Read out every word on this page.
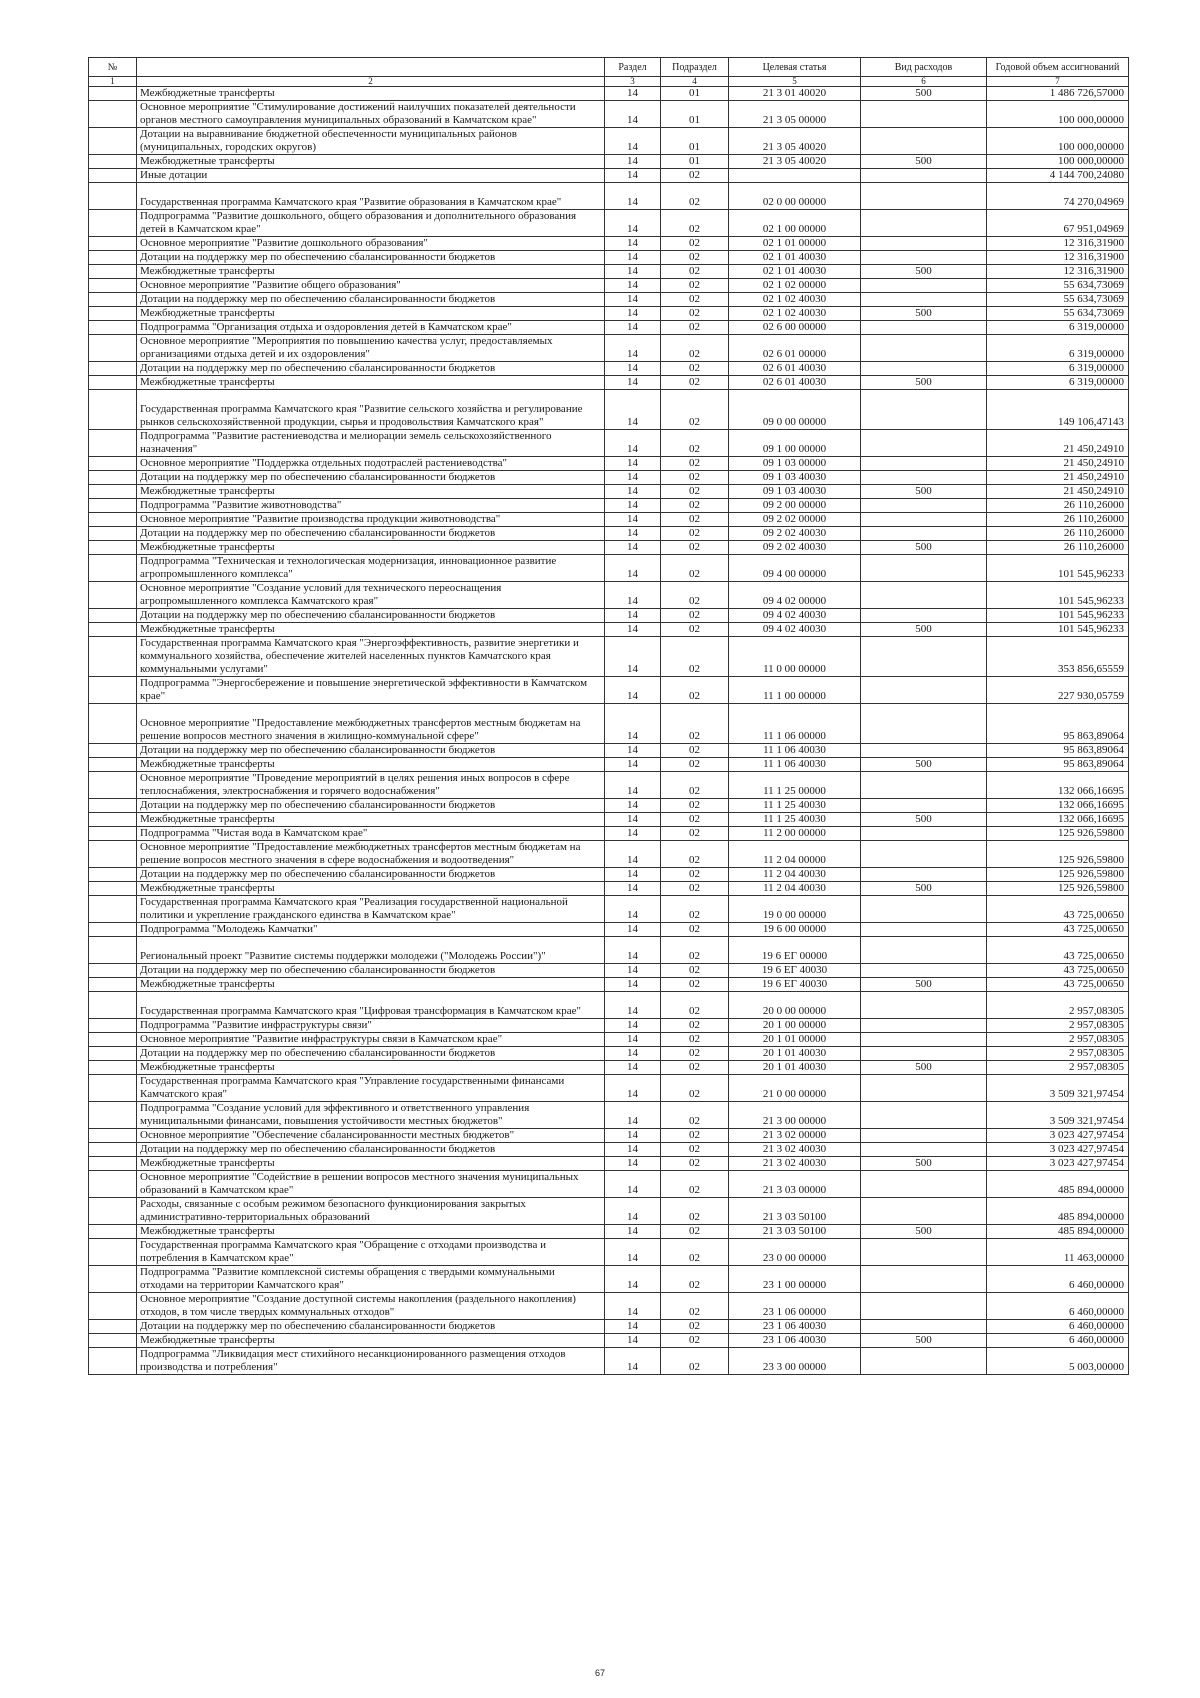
№		Раздел	Подраздел	Целевая статья	Вид расходов	Годовой объем ассигнований
1	2	3	4	5	6	7
	Межбюджетные трансферты	14	01	21 3 01 40020	500	1 486 726,57000
	Основное мероприятие "Стимулирование достижений наилучших показателей деятельности органов местного самоуправления муниципальных образований в Камчатском крае"	14	01	21 3 05 00000		100 000,00000
	Дотации на выравнивание бюджетной обеспеченности муниципальных районов (муниципальных, городских округов)	14	01	21 3 05 40020		100 000,00000
	Межбюджетные трансферты	14	01	21 3 05 40020	500	100 000,00000
	Иные дотации	14	02			4 144 700,24080
	Государственная программа Камчатского края "Развитие образования в Камчатском крае"	14	02	02 0 00 00000		74 270,04969
	Подпрограмма "Развитие дошкольного, общего образования и дополнительного образования детей в Камчатском крае"	14	02	02 1 00 00000		67 951,04969
	Основное мероприятие "Развитие дошкольного образования"	14	02	02 1 01 00000		12 316,31900
	Дотации на поддержку мер по обеспечению сбалансированности бюджетов	14	02	02 1 01 40030		12 316,31900
	Межбюджетные трансферты	14	02	02 1 01 40030	500	12 316,31900
	Основное мероприятие "Развитие общего образования"	14	02	02 1 02 00000		55 634,73069
	Дотации на поддержку мер по обеспечению сбалансированности бюджетов	14	02	02 1 02 40030		55 634,73069
	Межбюджетные трансферты	14	02	02 1 02 40030	500	55 634,73069
	Подпрограмма "Организация отдыха и оздоровления детей в Камчатском крае"	14	02	02 6 00 00000		6 319,00000
	Основное мероприятие "Мероприятия по повышению качества услуг, предоставляемых организациями отдыха детей и их оздоровления"	14	02	02 6 01 00000		6 319,00000
	Дотации на поддержку мер по обеспечению сбалансированности бюджетов	14	02	02 6 01 40030		6 319,00000
	Межбюджетные трансферты	14	02	02 6 01 40030	500	6 319,00000
	Государственная программа Камчатского края "Развитие сельского хозяйства и регулирование рынков сельскохозяйственной продукции, сырья и продовольствия Камчатского края"	14	02	09 0 00 00000		149 106,47143
	Подпрограмма "Развитие растениеводства и мелиорации земель сельскохозяйственного назначения"	14	02	09 1 00 00000		21 450,24910
	Основное мероприятие "Поддержка отдельных подотраслей растениеводства"	14	02	09 1 03 00000		21 450,24910
	Дотации на поддержку мер по обеспечению сбалансированности бюджетов	14	02	09 1 03 40030		21 450,24910
	Межбюджетные трансферты	14	02	09 1 03 40030	500	21 450,24910
	Подпрограмма "Развитие животноводства"	14	02	09 2 00 00000		26 110,26000
	Основное мероприятие "Развитие производства продукции животноводства"	14	02	09 2 02 00000		26 110,26000
	Дотации на поддержку мер по обеспечению сбалансированности бюджетов	14	02	09 2 02 40030		26 110,26000
	Межбюджетные трансферты	14	02	09 2 02 40030	500	26 110,26000
	Подпрограмма "Техническая и технологическая модернизация, инновационное развитие агропромышленного комплекса"	14	02	09 4 00 00000		101 545,96233
	Основное мероприятие "Создание условий для технического переоснащения агропромышленного комплекса Камчатского края"	14	02	09 4 02 00000		101 545,96233
	Дотации на поддержку мер по обеспечению сбалансированности бюджетов	14	02	09 4 02 40030		101 545,96233
	Межбюджетные трансферты	14	02	09 4 02 40030	500	101 545,96233
	Государственная программа Камчатского края "Энергоэффективность, развитие энергетики и коммунального хозяйства, обеспечение жителей населенных пунктов Камчатского края коммунальными услугами"	14	02	11 0 00 00000		353 856,65559
	Подпрограмма "Энергосбережение и повышение энергетической эффективности в Камчатском крае"	14	02	11 1 00 00000		227 930,05759
	Основное мероприятие "Предоставление межбюджетных трансфертов местным бюджетам на решение вопросов местного значения в жилищно-коммунальной сфере"	14	02	11 1 06 00000		95 863,89064
	Дотации на поддержку мер по обеспечению сбалансированности бюджетов	14	02	11 1 06 40030		95 863,89064
	Межбюджетные трансферты	14	02	11 1 06 40030	500	95 863,89064
	Основное мероприятие "Проведение мероприятий в целях решения иных вопросов в сфере теплоснабжения, электроснабжения и горячего водоснабжения"	14	02	11 1 25 00000		132 066,16695
	Дотации на поддержку мер по обеспечению сбалансированности бюджетов	14	02	11 1 25 40030		132 066,16695
	Межбюджетные трансферты	14	02	11 1 25 40030	500	132 066,16695
	Подпрограмма "Чистая вода в Камчатском крае"	14	02	11 2 00 00000		125 926,59800
	Основное мероприятие "Предоставление межбюджетных трансфертов местным бюджетам на решение вопросов местного значения в сфере водоснабжения и водоотведения"	14	02	11 2 04 00000		125 926,59800
	Дотации на поддержку мер по обеспечению сбалансированности бюджетов	14	02	11 2 04 40030		125 926,59800
	Межбюджетные трансферты	14	02	11 2 04 40030	500	125 926,59800
	Государственная программа Камчатского края "Реализация государственной национальной политики и укрепление гражданского единства в Камчатском крае"	14	02	19 0 00 00000		43 725,00650
	Подпрограмма "Молодежь Камчатки"	14	02	19 6 00 00000		43 725,00650
	Региональный проект "Развитие системы поддержки молодежи ("Молодежь России")"	14	02	19 6 ЕГ 00000		43 725,00650
	Дотации на поддержку мер по обеспечению сбалансированности бюджетов	14	02	19 6 ЕГ 40030		43 725,00650
	Межбюджетные трансферты	14	02	19 6 ЕГ 40030	500	43 725,00650
	Государственная программа Камчатского края "Цифровая трансформация в Камчатском крае"	14	02	20 0 00 00000		2 957,08305
	Подпрограмма "Развитие инфраструктуры связи"	14	02	20 1 00 00000		2 957,08305
	Основное мероприятие "Развитие инфраструктуры связи в Камчатском крае"	14	02	20 1 01 00000		2 957,08305
	Дотации на поддержку мер по обеспечению сбалансированности бюджетов	14	02	20 1 01 40030		2 957,08305
	Межбюджетные трансферты	14	02	20 1 01 40030	500	2 957,08305
	Государственная программа Камчатского края "Управление государственными финансами Камчатского края"	14	02	21 0 00 00000		3 509 321,97454
	Подпрограмма "Создание условий для эффективного и ответственного управления муниципальными финансами, повышения устойчивости местных бюджетов"	14	02	21 3 00 00000		3 509 321,97454
	Основное мероприятие "Обеспечение сбалансированности местных бюджетов"	14	02	21 3 02 00000		3 023 427,97454
	Дотации на поддержку мер по обеспечению сбалансированности бюджетов	14	02	21 3 02 40030		3 023 427,97454
	Межбюджетные трансферты	14	02	21 3 02 40030	500	3 023 427,97454
	Основное мероприятие "Содействие в решении вопросов местного значения муниципальных образований в Камчатском крае"	14	02	21 3 03 00000		485 894,00000
	Расходы, связанные с особым режимом безопасного функционирования закрытых административно-территориальных образований	14	02	21 3 03 50100		485 894,00000
	Межбюджетные трансферты	14	02	21 3 03 50100	500	485 894,00000
	Государственная программа Камчатского края "Обращение с отходами производства и потребления в Камчатском крае"	14	02	23 0 00 00000		11 463,00000
	Подпрограмма "Развитие комплексной системы обращения с твердыми коммунальными отходами на территории Камчатского края"	14	02	23 1 00 00000		6 460,00000
	Основное мероприятие "Создание доступной системы накопления (раздельного накопления) отходов, в том числе твердых коммунальных отходов"	14	02	23 1 06 00000		6 460,00000
	Дотации на поддержку мер по обеспечению сбалансированности бюджетов	14	02	23 1 06 40030		6 460,00000
	Межбюджетные трансферты	14	02	23 1 06 40030	500	6 460,00000
	Подпрограмма "Ликвидация мест стихийного несанкционированного размещения отходов производства и потребления"	14	02	23 3 00 00000		5 003,00000
67
